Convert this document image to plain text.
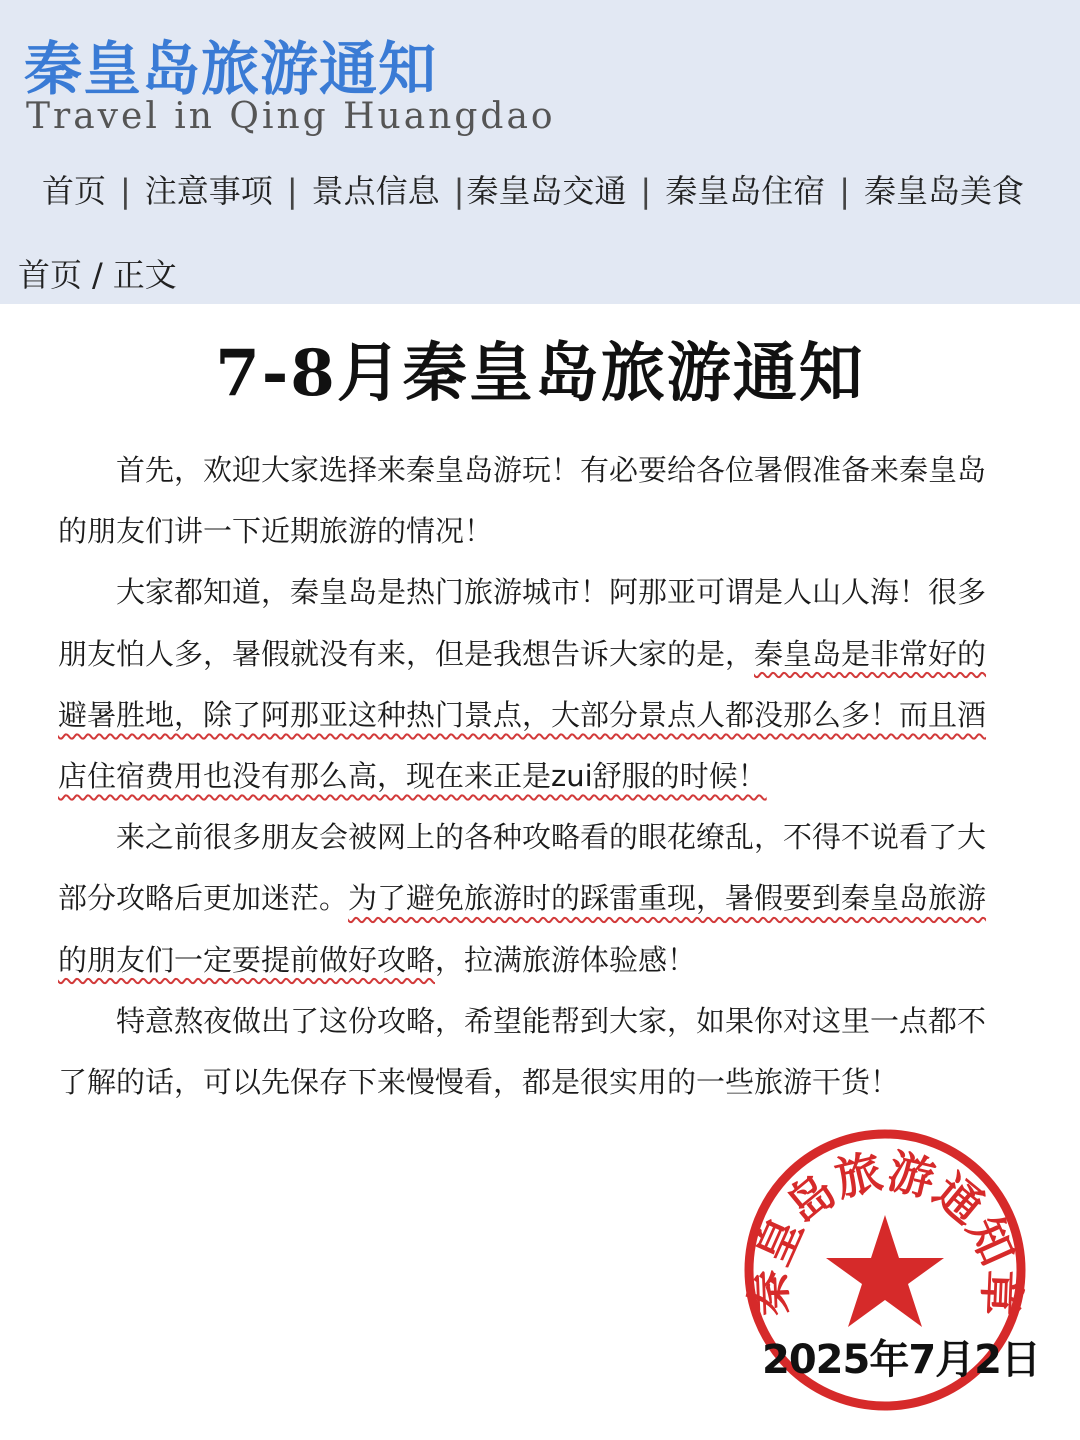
秦皇岛旅游通知
Travel in Qing Huangdao
首页 | 注意事项 | 景点信息 |秦皇岛交通 | 秦皇岛住宿 | 秦皇岛美食
首页 / 正文
7-8月秦皇岛旅游通知

首先，欢迎大家选择来秦皇岛游玩！有必要给各位暑假准备来秦皇岛的朋友们讲一下近期旅游的情况！

大家都知道，秦皇岛是热门旅游城市！阿那亚可谓是人山人海！很多朋友怕人多，暑假就没有来，但是我想告诉大家的是，秦皇岛是非常好的避暑胜地，除了阿那亚这种热门景点，大部分景点人都没那么多！而且酒店住宿费用也没有那么高，现在来正是zui舒服的时候！

来之前很多朋友会被网上的各种攻略看的眼花缭乱，不得不说看了大部分攻略后更加迷茫。为了避免旅游时的踩雷重现，暑假要到秦皇岛旅游的朋友们一定要提前做好攻略，拉满旅游体验感！

特意熬夜做出了这份攻略，希望能帮到大家，如果你对这里一点都不了解的话，可以先保存下来慢慢看，都是很实用的一些旅游干货！

秦皇岛旅游通知章
2025年7月2日
